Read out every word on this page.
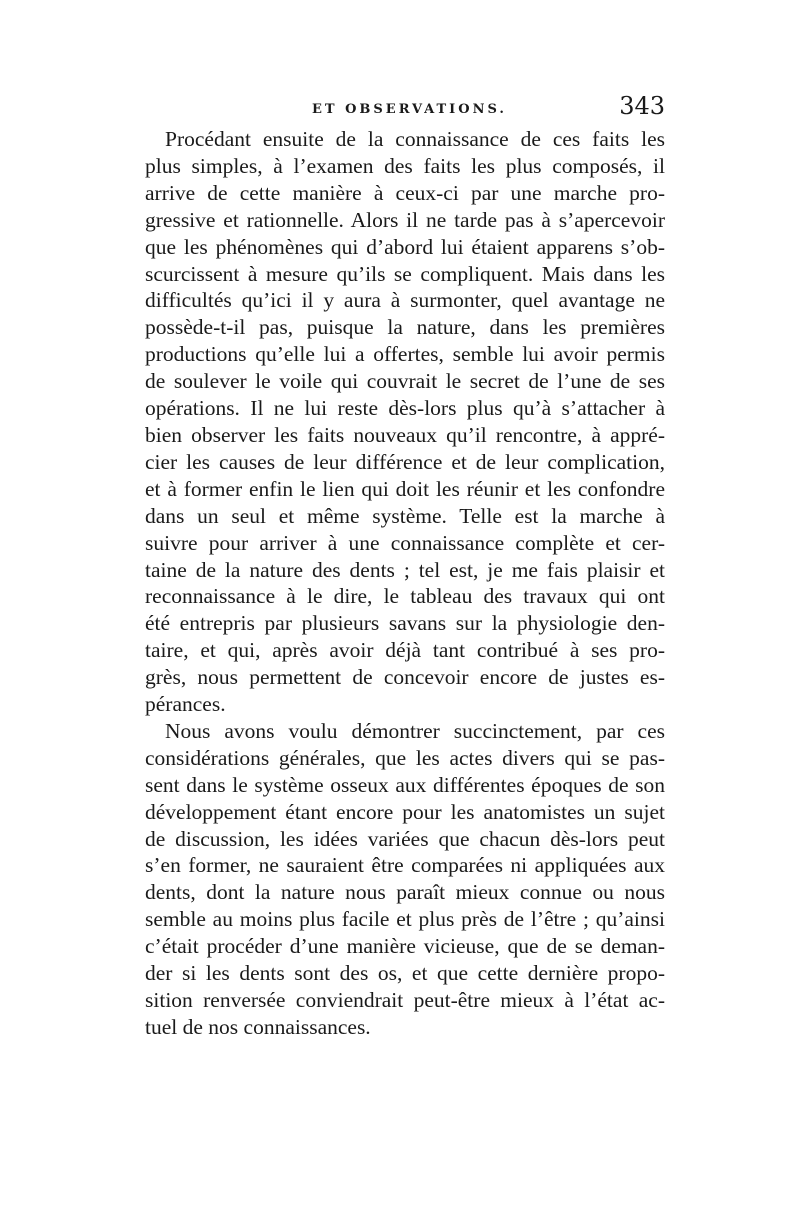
ET OBSERVATIONS.	343
Procédant ensuite de la connaissance de ces faits les
plus simples, à l’examen des faits les plus composés, il
arrive de cette manière à ceux-ci par une marche pro-
gressive et rationnelle. Alors il ne tarde pas à s’apercevoir
que les phénomènes qui d’abord lui étaient apparens s’ob-
scurcissent à mesure qu’ils se compliquent. Mais dans les
difficultés qu’ici il y aura à surmonter, quel avantage ne
possède-t-il pas, puisque la nature, dans les premières
productions qu’elle lui a offertes, semble lui avoir permis
de soulever le voile qui couvrait le secret de l’une de ses
opérations. Il ne lui reste dès-lors plus qu’à s’attacher à
bien observer les faits nouveaux qu’il rencontre, à appré-
cier les causes de leur différence et de leur complication,
et à former enfin le lien qui doit les réunir et les confondre
dans un seul et même système. Telle est la marche à
suivre pour arriver à une connaissance complète et cer-
taine de la nature des dents ; tel est, je me fais plaisir et
reconnaissance à le dire, le tableau des travaux qui ont
été entrepris par plusieurs savans sur la physiologie den-
taire, et qui, après avoir déjà tant contribué à ses pro-
grès, nous permettent de concevoir encore de justes es-
pérances.
Nous avons voulu démontrer succinctement, par ces
considérations générales, que les actes divers qui se pas-
sent dans le système osseux aux différentes époques de son
développement étant encore pour les anatomistes un sujet
de discussion, les idées variées que chacun dès-lors peut
s’en former, ne sauraient être comparées ni appliquées aux
dents, dont la nature nous paraît mieux connue ou nous
semble au moins plus facile et plus près de l’être ; qu’ainsi
c’était procéder d’une manière vicieuse, que de se deman-
der si les dents sont des os, et que cette dernière propo-
sition renversée conviendrait peut-être mieux à l’état ac-
tuel de nos connaissances.
